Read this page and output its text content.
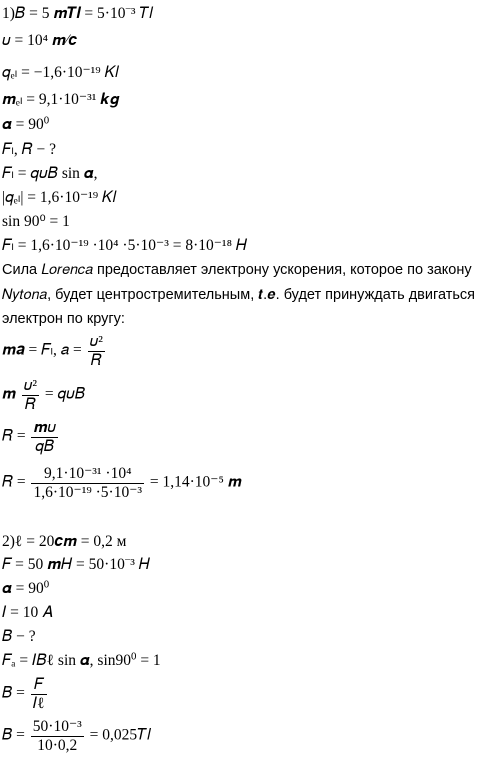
1)𝐵 = 5 𝒎𝑻𝒍 = 5·10⁻³ 𝑇𝑙
𝜐 = 10⁴ 𝒎⁄𝒄
𝑞ₑₗ = −1,6·10⁻¹⁹ 𝐾𝑙
𝒎ₑₗ = 9,1·10⁻³¹ 𝒌𝒈
𝜶 = 90⁰
𝐹ₗ, 𝑅 − ?
𝐹ₗ = 𝑞𝜐𝐵 sin 𝜶,
|𝑞ₑₗ| = 1,6·10⁻¹⁹ 𝐾𝑙
sin 90⁰ = 1
𝐹ₗ = 1,6·10⁻¹⁹ ·10⁴ ·5·10⁻³ = 8·10⁻¹⁸ 𝐻
Сила 𝐿𝑜𝑟𝑒𝑛𝑐𝑎 предоставляет электрону ускорения, которое по закону
𝑁𝑦𝑡𝑜𝑛𝑎, будет центростремительным, 𝒕.𝒆. будет принуждать двигаться
электрон по кругу:
𝒎𝒂 = 𝐹ₗ, 𝑎 = $\frac{\text{𝜐²}}{\text{𝑅}}$
𝒎 $\frac{\text{𝜐²}}{\text{𝑅}}$ = 𝑞𝜐𝐵
𝑅 = $\frac{\text{𝒎𝜐}}{\text{𝑞𝐵}}$
𝑅 = $\frac{\text{9,1·10⁻³¹ ·10⁴}}{\text{1,6·10⁻¹⁹ ·5·10⁻³}} = 1,14\cdot 10^{-5}$ 𝒎
2)ℓ = 20𝒄𝒎 = 0,2 м
𝐹 = 50 𝒎𝐻 = 50·10⁻³ 𝐻
𝜶 = 90⁰
𝐼 = 10 𝐴
𝐵 − ?
𝐹ₐ = 𝐼𝐵ℓ sin 𝜶, sin90⁰ = 1
𝐵 = $\frac{\text{𝐹}}{\text{𝐼ℓ}}$
𝐵 = $\frac{\text{50·10⁻³}}{10\cdot 0,2}$ = 0,025𝑇𝑙
